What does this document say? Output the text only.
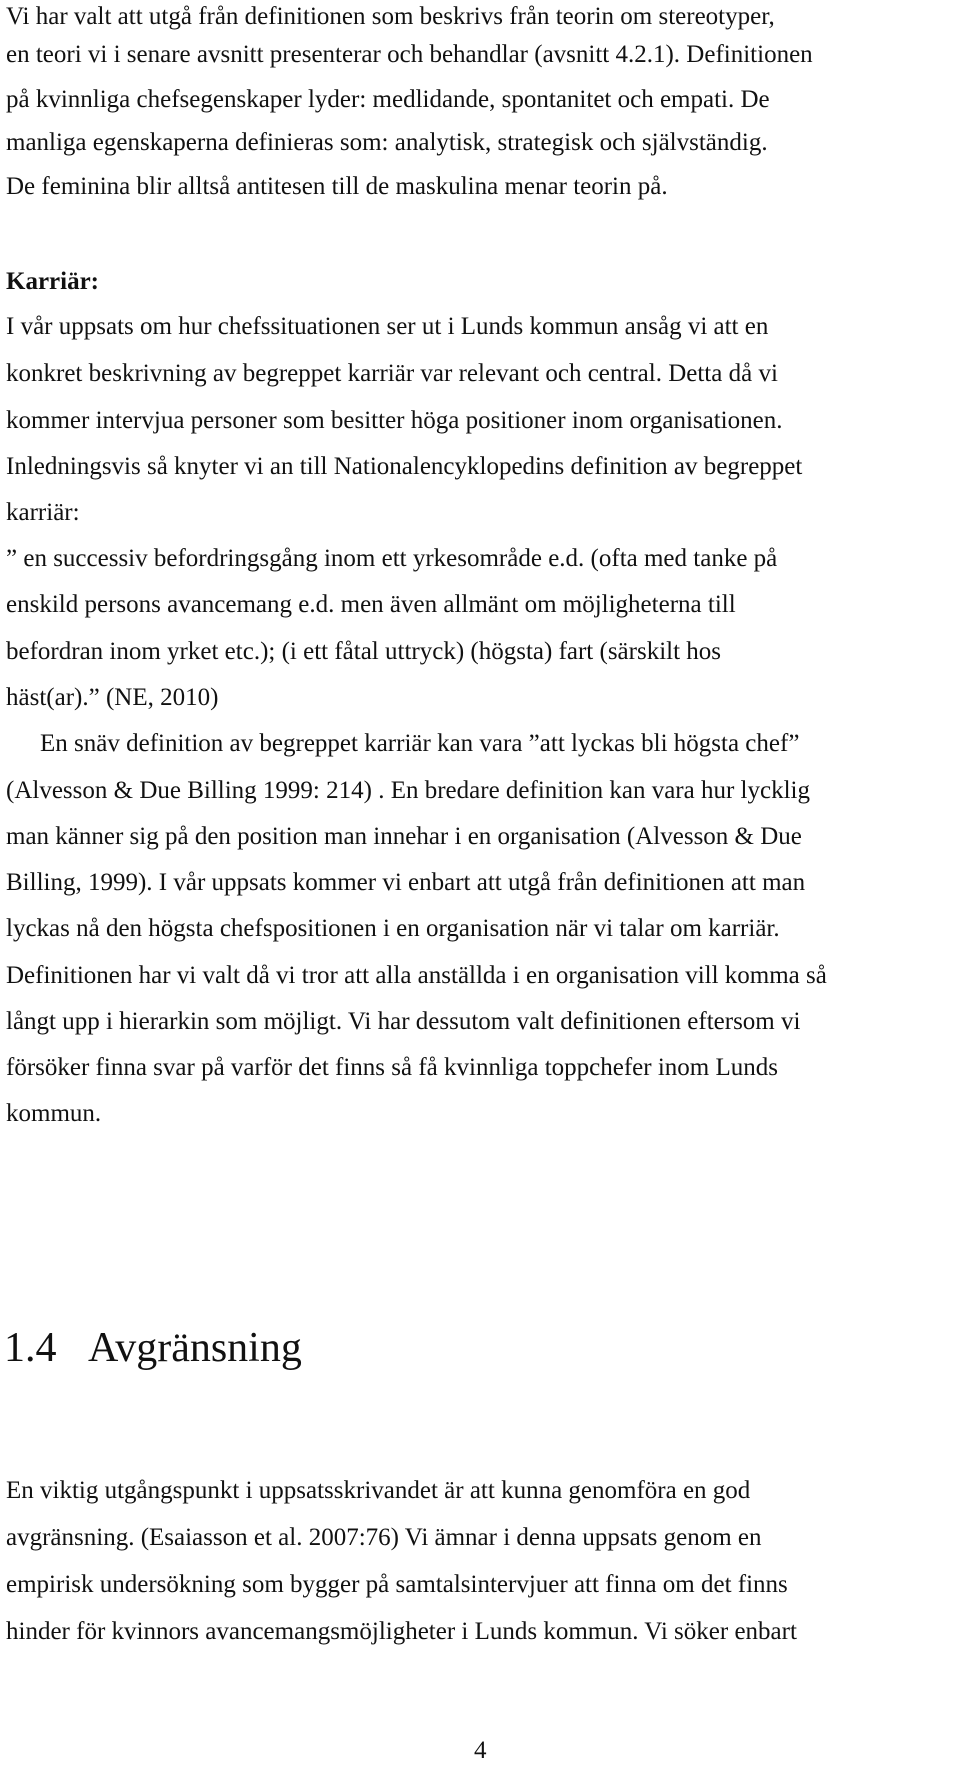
Vi har valt att utgå från definitionen som beskrivs från teorin om stereotyper,
en teori vi i senare avsnitt presenterar och behandlar (avsnitt 4.2.1). Definitionen
på kvinnliga chefsegenskaper lyder: medlidande, spontanitet och empati. De
manliga egenskaperna definieras som: analytisk, strategisk och självständig.
De feminina blir alltså antitesen till de maskulina menar teorin på.
Karriär:
I vår uppsats om hur chefssituationen ser ut i Lunds kommun ansåg vi att en
konkret beskrivning av begreppet karriär var relevant och central. Detta då vi
kommer intervjua personer som besitter höga positioner inom organisationen.
Inledningsvis så knyter vi an till Nationalencyklopedins definition av begreppet
karriär:
” en successiv befordringsgång inom ett yrkesområde e.d. (ofta med tanke på
enskild persons avancemang e.d. men även allmänt om möjligheterna till
befordran inom yrket etc.); (i ett fåtal uttryck) (högsta) fart (särskilt hos
häst(ar).” (NE, 2010)
En snäv definition av begreppet karriär kan vara ”att lyckas bli högsta chef”
(Alvesson & Due Billing 1999: 214) . En bredare definition kan vara hur lycklig
man känner sig på den position man innehar i en organisation (Alvesson & Due
Billing, 1999). I vår uppsats kommer vi enbart att utgå från definitionen att man
lyckas nå den högsta chefspositionen i en organisation när vi talar om karriär.
Definitionen har vi valt då vi tror att alla anställda i en organisation vill komma så
långt upp i hierarkin som möjligt. Vi har dessutom valt definitionen eftersom vi
försöker finna svar på varför det finns så få kvinnliga toppchefer inom Lunds
kommun.
1.4 Avgränsning
En viktig utgångspunkt i uppsatsskrivandet är att kunna genomföra en god
avgränsning. (Esaiasson et al. 2007:76) Vi ämnar i denna uppsats genom en
empirisk undersökning som bygger på samtalsintervjuer att finna om det finns
hinder för kvinnors avancemangsmöjligheter i Lunds kommun. Vi söker enbart
4
